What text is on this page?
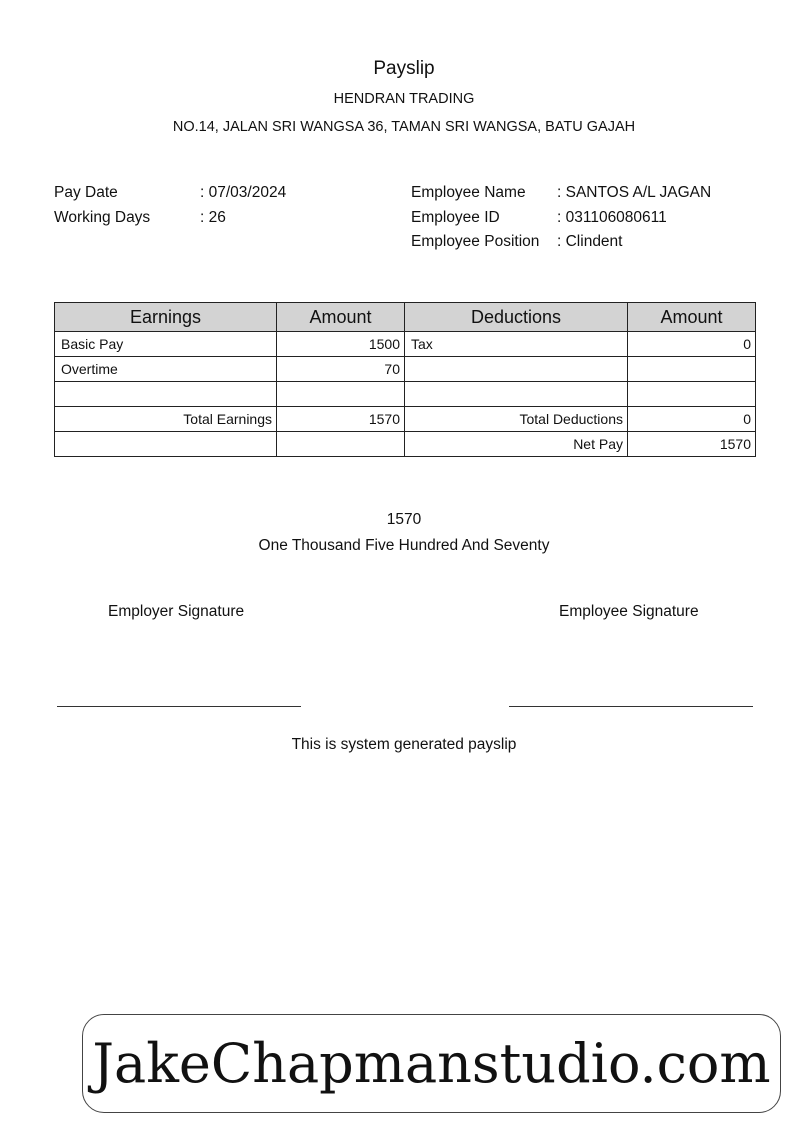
Payslip
HENDRAN TRADING
NO.14, JALAN SRI WANGSA 36, TAMAN SRI WANGSA, BATU GAJAH
Pay Date	: 07/03/2024
Working Days	: 26
Employee Name	: SANTOS A/L JAGAN
Employee ID	: 031106080611
Employee Position	: Clindent
Earnings	Amount	Deductions	Amount
Basic Pay	1500	Tax	0
Overtime	70		

Total Earnings	1570	Total Deductions	0
		Net Pay	1570
1570
One Thousand Five Hundred And Seventy
Employer Signature	Employee Signature
This is system generated payslip
JakeChapmanstudio.com
